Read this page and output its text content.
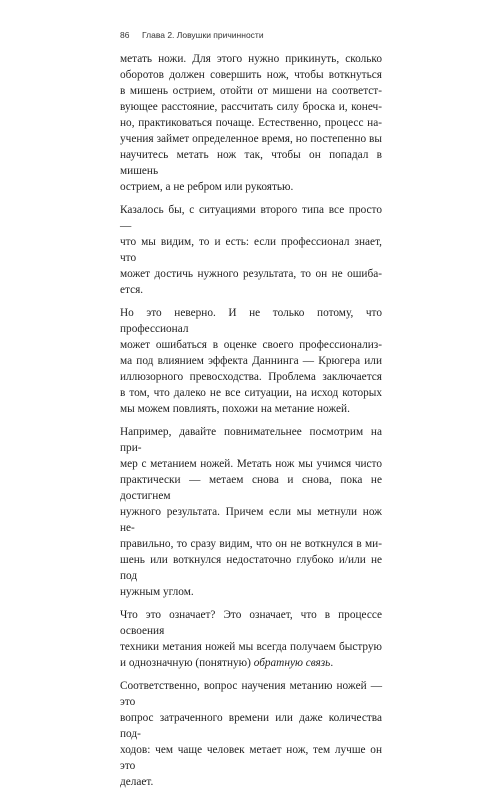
86 Глава 2. Ловушки причинности

метать ножи. Для этого нужно прикинуть, сколько
оборотов должен совершить нож, чтобы воткнуться
в мишень острием, отойти от мишени на соответст-
вующее расстояние, рассчитать силу броска и, конеч-
но, практиковаться почаще. Естественно, процесс на-
учения займет определенное время, но постепенно вы
научитесь метать нож так, чтобы он попадал в мишень
острием, а не ребром или рукоятью.

Казалось бы, с ситуациями второго типа все просто —
что мы видим, то и есть: если профессионал знает, что
может достичь нужного результата, то он не ошиба-
ется.

Но это неверно. И не только потому, что профессионал
может ошибаться в оценке своего профессионализ-
ма под влиянием эффекта Даннинга — Крюгера или
иллюзорного превосходства. Проблема заключается
в том, что далеко не все ситуации, на исход которых
мы можем повлиять, похожи на метание ножей.

Например, давайте повнимательнее посмотрим на при-
мер с метанием ножей. Метать нож мы учимся чисто
практически — метаем снова и снова, пока не достигнем
нужного результата. Причем если мы метнули нож не-
правильно, то сразу видим, что он не воткнулся в ми-
шень или воткнулся недостаточно глубоко и/или не под
нужным углом.

Что это означает? Это означает, что в процессе освоения
техники метания ножей мы всегда получаем быструю
и однозначную (понятную) обратную связь.

Соответственно, вопрос научения метанию ножей — это
вопрос затраченного времени или даже количества под-
ходов: чем чаще человек метает нож, тем лучше он это
делает.
